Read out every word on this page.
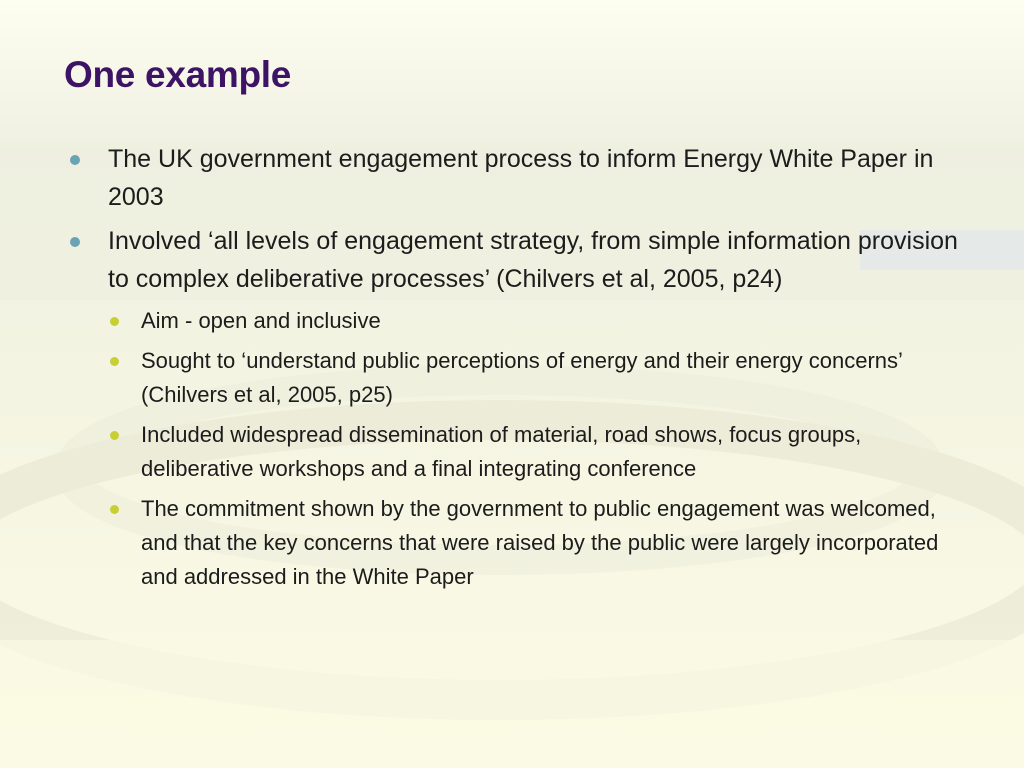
One example
The UK government engagement process to inform Energy White Paper in 2003
Involved ‘all levels of engagement strategy, from simple information provision to complex deliberative processes’ (Chilvers et al, 2005, p24)
Aim - open and inclusive
Sought to ‘understand public perceptions of energy and their energy concerns’ (Chilvers et al, 2005, p25)
Included widespread dissemination of material, road shows, focus groups, deliberative workshops and a final integrating conference
The commitment shown by the government to public engagement was welcomed, and that the key concerns that were raised by the public were largely incorporated and addressed in the White Paper
